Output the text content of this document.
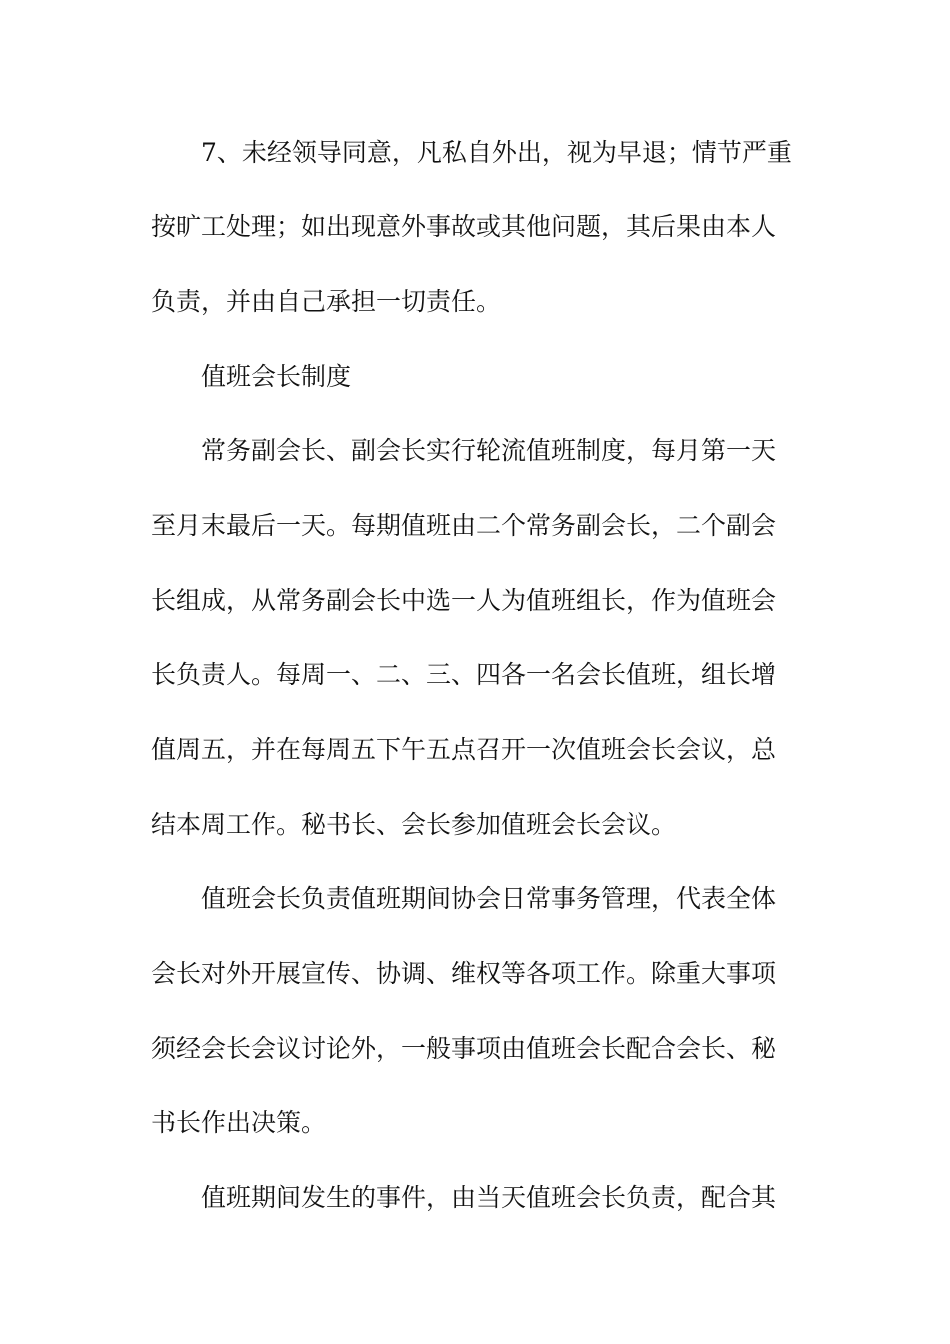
7、未经领导同意，凡私自外出，视为早退；情节严重
按旷工处理；如出现意外事故或其他问题，其后果由本人
负责，并由自己承担一切责任。
值班会长制度
常务副会长、副会长实行轮流值班制度，每月第一天
至月末最后一天。每期值班由二个常务副会长，二个副会
长组成，从常务副会长中选一人为值班组长，作为值班会
长负责人。每周一、二、三、四各一名会长值班，组长增
值周五，并在每周五下午五点召开一次值班会长会议，总
结本周工作。秘书长、会长参加值班会长会议。
值班会长负责值班期间协会日常事务管理，代表全体
会长对外开展宣传、协调、维权等各项工作。除重大事项
须经会长会议讨论外，一般事项由值班会长配合会长、秘
书长作出决策。
值班期间发生的事件，由当天值班会长负责，配合其
